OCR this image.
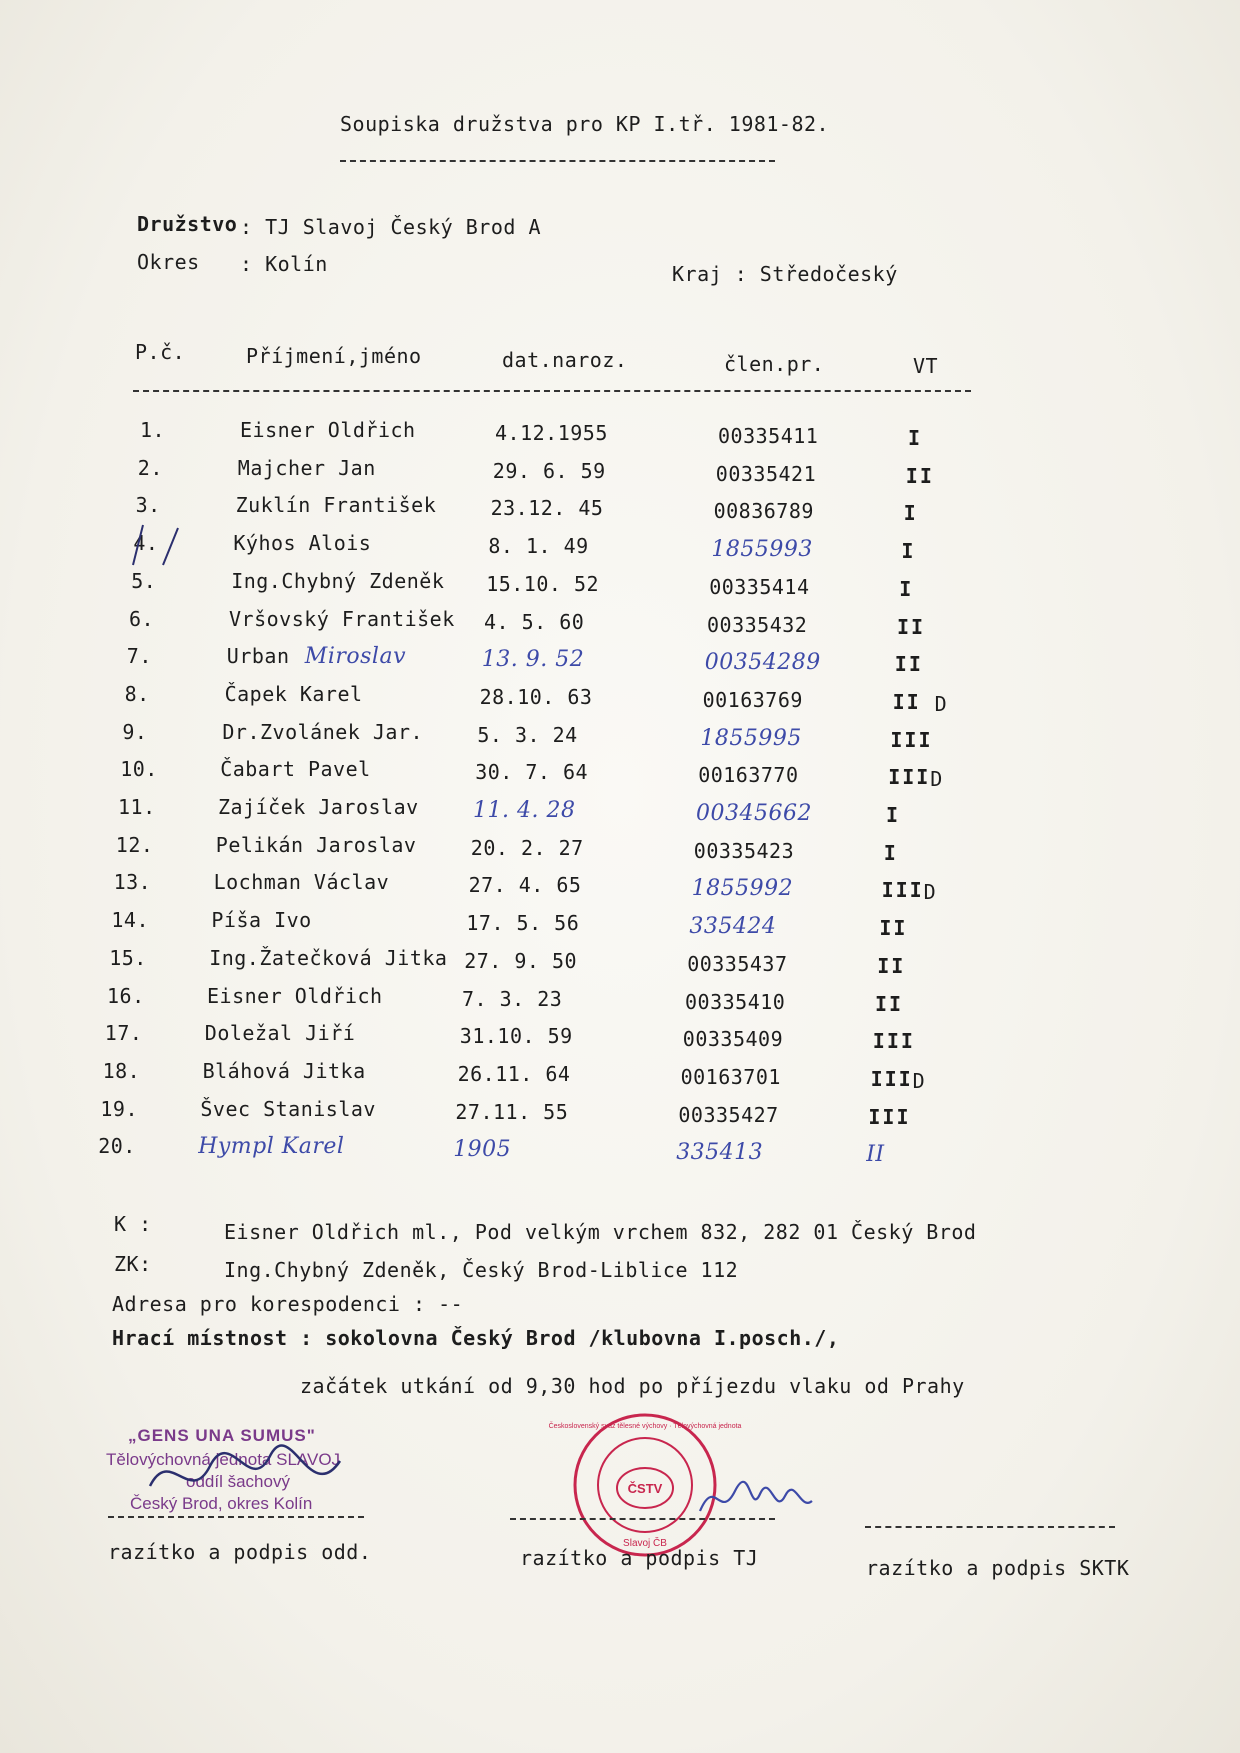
Soupiska družstva pro KP I.tř. 1981-82.
Družstvo : TJ Slavoj Český Brod A
Okres : Kolín	Kraj : Středočeský
P.č.	Příjmení,jméno	dat.naroz.	člen.pr.	VT
1.	Eisner Oldřich	4.12.1955	00335411	I
2.	Majcher Jan	29. 6. 59	00335421	II
3.	Zuklín František	23.12. 45	00836789	I
4.	Kýhos Alois	8. 1. 49	1855993	I
5.	Ing.Chybný Zdeněk 15.10. 52	00335414	I
6.	Vršovský František 4. 5. 60	00335432	II
7.	Urban Miroslav	13. 9. 52	00354289	II
8.	Čapek Karel	28.10. 63	00163769	II D
9.	Dr.Zvolánek Jar.	5. 3. 24	1855995	III
10.	Čabart Pavel	30. 7. 64	00163770	III D
11.	Zajíček Jaroslav 11. 4. 28	00345662	I
12.	Pelikán Jaroslav	20. 2. 27	00335423	I
13.	Lochman Václav	27. 4. 65	1855992	III D
14.	Píša Ivo	17. 5. 56	335424	II
15.	Ing.Žatečková Jitka 27. 9. 50	00335437	II
16.	Eisner Oldřich	7. 3. 23	00335410	II
17.	Doležal Jiří	31.10. 59	00335409	III
18.	Bláhová Jitka	26.11. 64	00163701	III D
19.	Švec Stanislav	27.11. 55	00335427	III
20.	Hympl Karel	1905	335413	II
K :	Eisner Oldřich ml., Pod velkým vrchem 832, 282 01 Český Brod
ZK:	Ing.Chybný Zdeněk, Český Brod-Liblice 112
Adresa pro korespodenci : --
Hrací místnost : sokolovna Český Brod /klubovna I.posch./,
začátek utkání od 9,30 hod po příjezdu vlaku od Prahy
„GENS UNA SUMUS"
Tělovýchovná jednota SLAVOJ
oddíl šachový
Český Brod, okres Kolín
ČSTV
Československý svaz tělesné výchovy · Tělovýchovná jednota
Slavoj ČB
razítko a podpis odd.	razítko a podpis TJ	razítko a podpis SKTK
